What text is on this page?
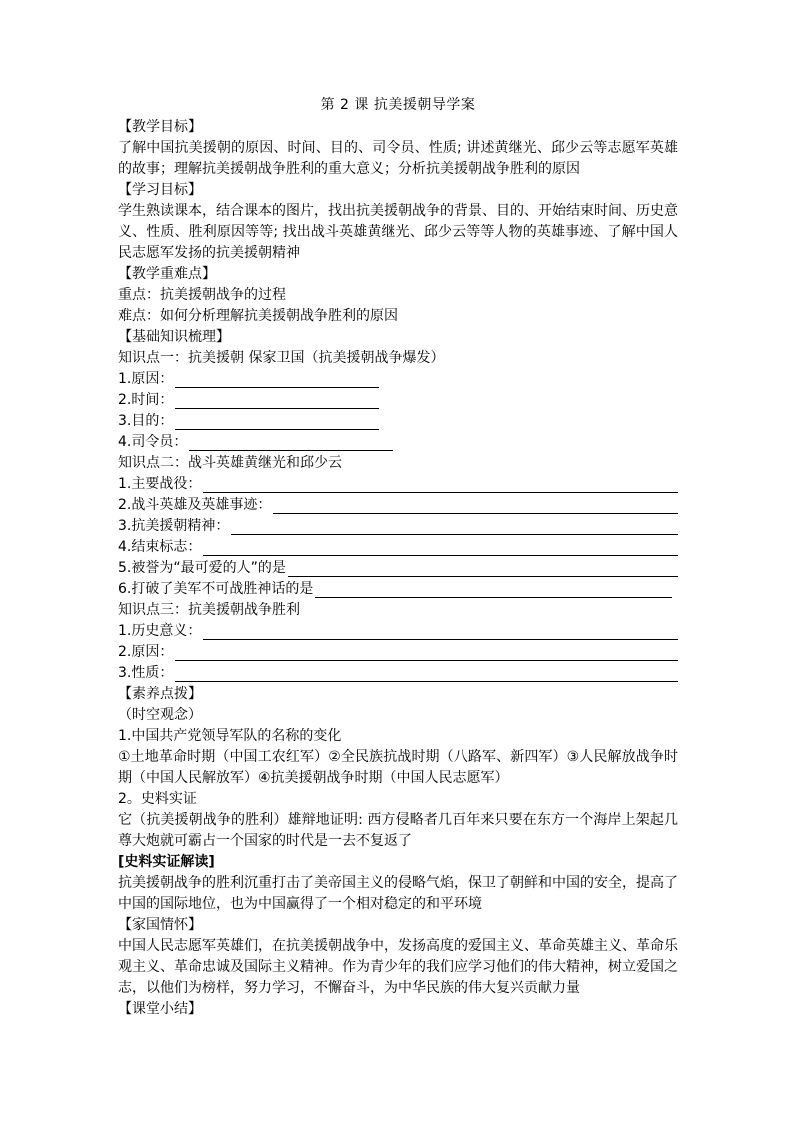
第 2 课 抗美援朝导学案
【教学目标】
了解中国抗美援朝的原因、时间、目的、司令员、性质; 讲述黄继光、邱少云等志愿军英雄的故事；理解抗美援朝战争胜利的重大意义；分析抗美援朝战争胜利的原因
【学习目标】
学生熟读课本，结合课本的图片，找出抗美援朝战争的背景、目的、开始结束时间、历史意义、性质、胜利原因等等; 找出战斗英雄黄继光、邱少云等等人物的英雄事迹、了解中国人民志愿军发扬的抗美援朝精神
【教学重难点】
重点：抗美援朝战争的过程
难点：如何分析理解抗美援朝战争胜利的原因
【基础知识梳理】
知识点一：抗美援朝 保家卫国（抗美援朝战争爆发）
1.原因：
2.时间：
3.目的：
4.司令员：
知识点二：战斗英雄黄继光和邱少云
1.主要战役：
2.战斗英雄及英雄事迹：
3.抗美援朝精神：
4.结束标志：
5.被誉为“最可爱的人”的是
6.打破了美军不可战胜神话的是
知识点三：抗美援朝战争胜利
1.历史意义：
2.原因：
3.性质：
【素养点拨】
（时空观念）
1.中国共产党领导军队的名称的变化
①土地革命时期（中国工农红军）②全民族抗战时期（八路军、新四军）③人民解放战争时期（中国人民解放军）④抗美援朝战争时期（中国人民志愿军）
2。史料实证
它（抗美援朝战争的胜利）雄辩地证明: 西方侵略者几百年来只要在东方一个海岸上架起几尊大炮就可霸占一个国家的时代是一去不复返了
[史料实证解读]
抗美援朝战争的胜利沉重打击了美帝国主义的侵略气焰，保卫了朝鲜和中国的安全，提高了中国的国际地位，也为中国赢得了一个相对稳定的和平环境
【家国情怀】
中国人民志愿军英雄们，在抗美援朝战争中，发扬高度的爱国主义、革命英雄主义、革命乐观主义、革命忠诚及国际主义精神。作为青少年的我们应学习他们的伟大精神，树立爱国之志，以他们为榜样，努力学习，不懈奋斗，为中华民族的伟大复兴贡献力量
【课堂小结】
